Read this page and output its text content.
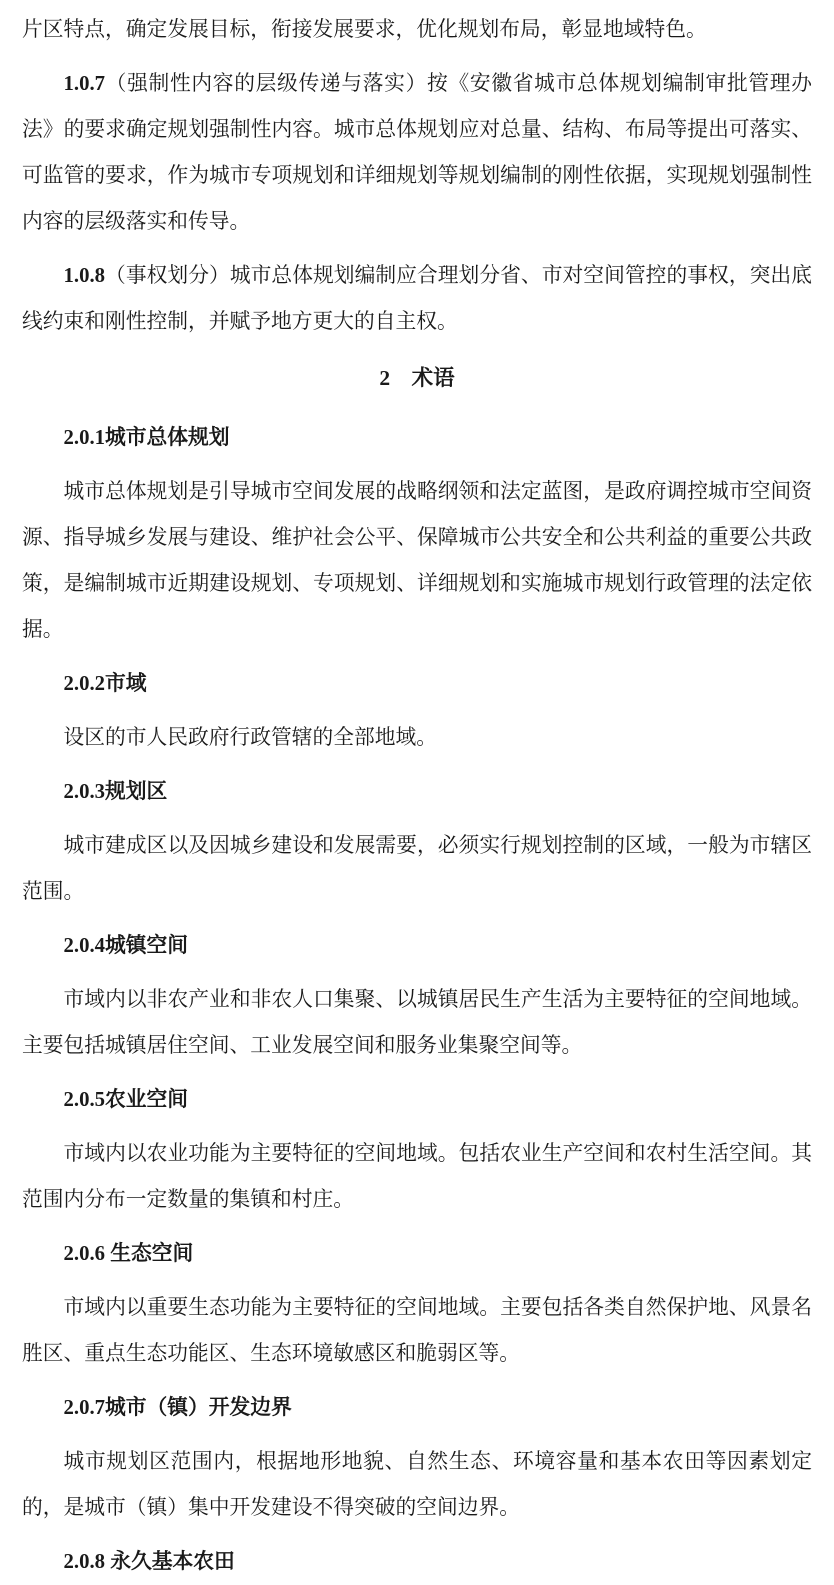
片区特点，确定发展目标，衔接发展要求，优化规划布局，彰显地域特色。

1.0.7（强制性内容的层级传递与落实）按《安徽省城市总体规划编制审批管理办法》的要求确定规划强制性内容。城市总体规划应对总量、结构、布局等提出可落实、可监管的要求，作为城市专项规划和详细规划等规划编制的刚性依据，实现规划强制性内容的层级落实和传导。

1.0.8（事权划分）城市总体规划编制应合理划分省、市对空间管控的事权，突出底线约束和刚性控制，并赋予地方更大的自主权。

2　术语

2.0.1城市总体规划

城市总体规划是引导城市空间发展的战略纲领和法定蓝图，是政府调控城市空间资源、指导城乡发展与建设、维护社会公平、保障城市公共安全和公共利益的重要公共政策，是编制城市近期建设规划、专项规划、详细规划和实施城市规划行政管理的法定依据。

2.0.2市域

设区的市人民政府行政管辖的全部地域。

2.0.3规划区

城市建成区以及因城乡建设和发展需要，必须实行规划控制的区域，一般为市辖区范围。

2.0.4城镇空间

市域内以非农产业和非农人口集聚、以城镇居民生产生活为主要特征的空间地域。主要包括城镇居住空间、工业发展空间和服务业集聚空间等。

2.0.5农业空间

市域内以农业功能为主要特征的空间地域。包括农业生产空间和农村生活空间。其范围内分布一定数量的集镇和村庄。

2.0.6 生态空间

市域内以重要生态功能为主要特征的空间地域。主要包括各类自然保护地、风景名胜区、重点生态功能区、生态环境敏感区和脆弱区等。

2.0.7城市（镇）开发边界

城市规划区范围内，根据地形地貌、自然生态、环境容量和基本农田等因素划定的，是城市（镇）集中开发建设不得突破的空间边界。

2.0.8 永久基本农田
